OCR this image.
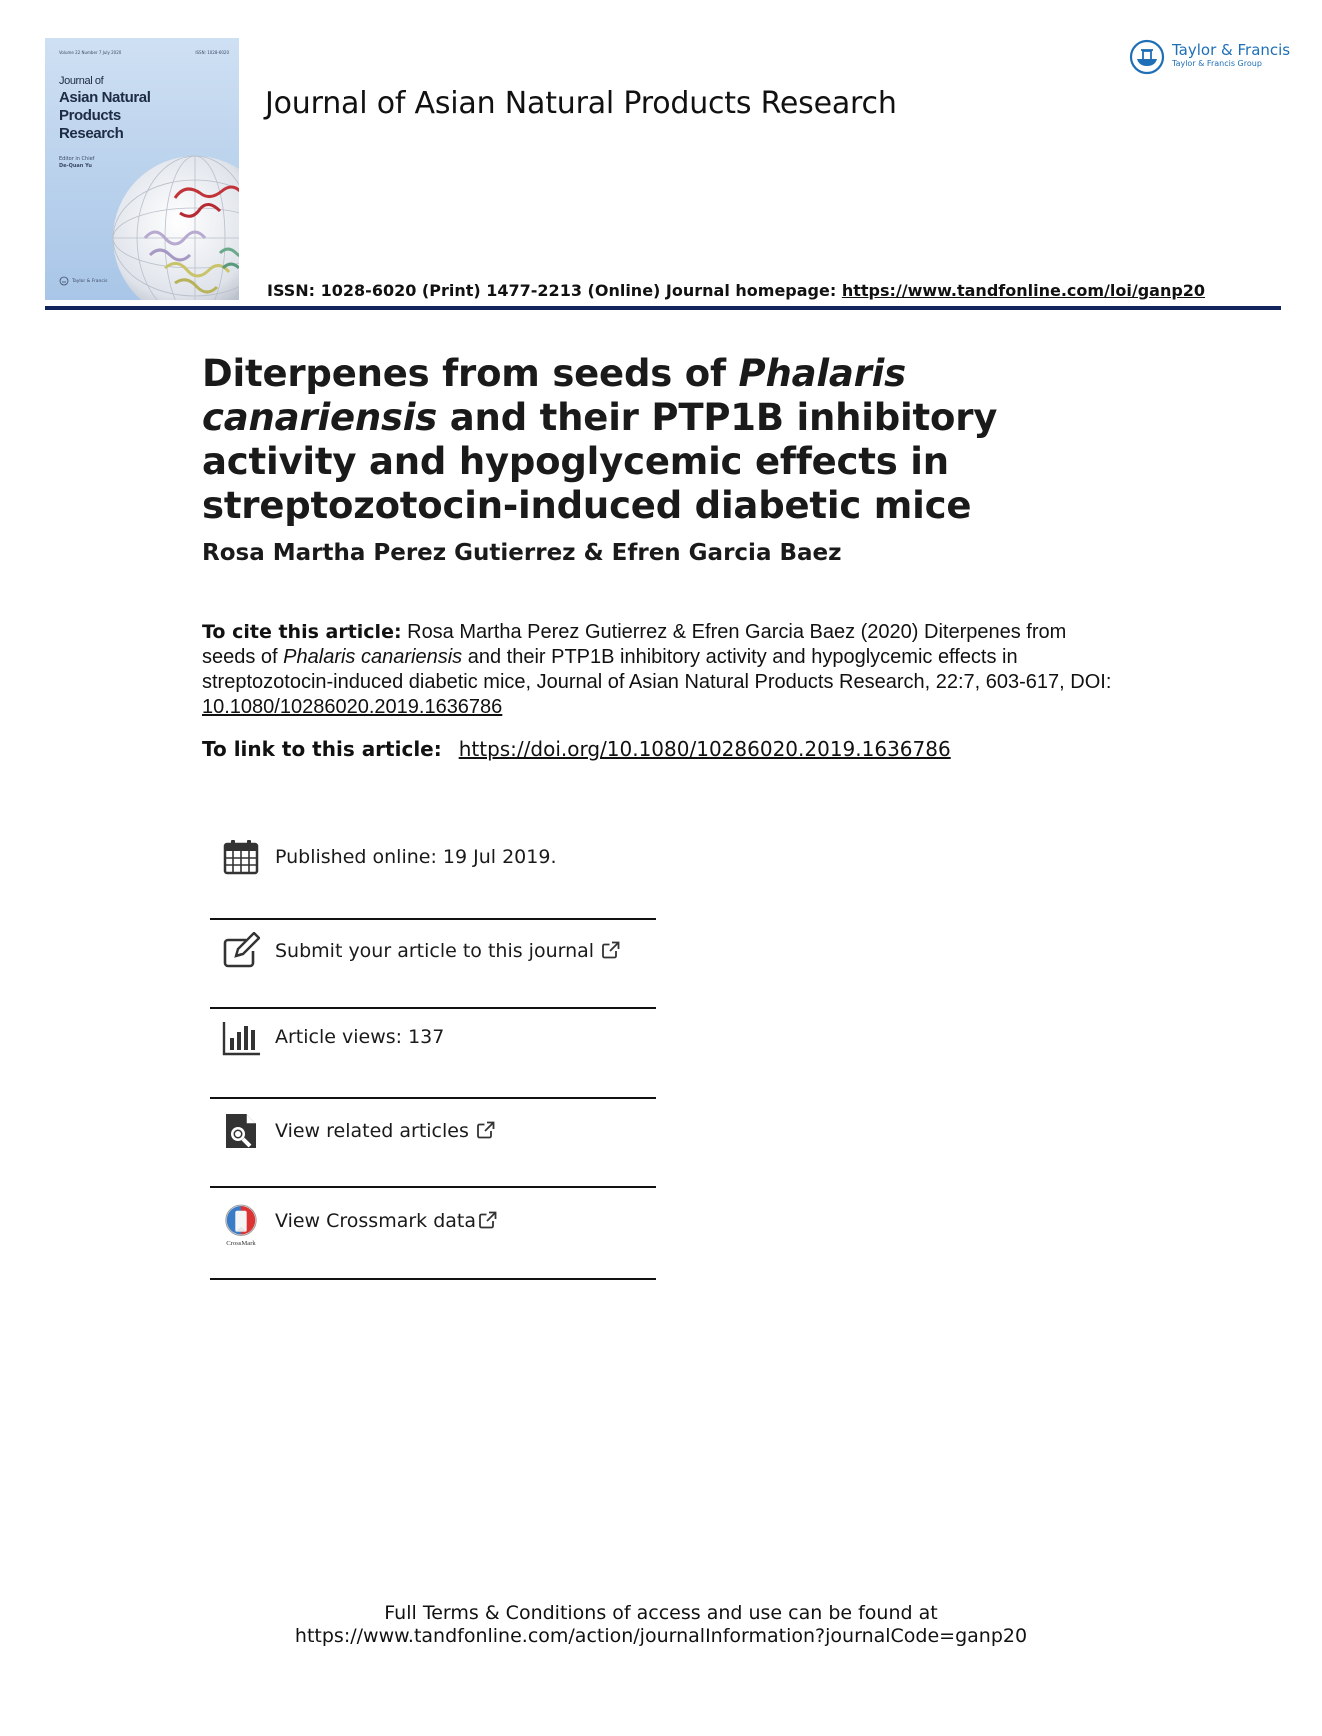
Volume 22 Number 7 July 2020	ISSN: 1028-6020
Journal of
Asian Natural
Products
Research
Editor in Chief
De-Quan Yu
Taylor & Francis
Journal of Asian Natural Products Research
Taylor & Francis
Taylor & Francis Group
ISSN: 1028-6020 (Print) 1477-2213 (Online) Journal homepage: https://www.tandfonline.com/loi/ganp20
Diterpenes from seeds of Phalaris canariensis and their PTP1B inhibitory activity and hypoglycemic effects in streptozotocin-induced diabetic mice
Rosa Martha Perez Gutierrez & Efren Garcia Baez
To cite this article: Rosa Martha Perez Gutierrez & Efren Garcia Baez (2020) Diterpenes from seeds of Phalaris canariensis and their PTP1B inhibitory activity and hypoglycemic effects in streptozotocin-induced diabetic mice, Journal of Asian Natural Products Research, 22:7, 603-617, DOI: 10.1080/10286020.2019.1636786
To link to this article: https://doi.org/10.1080/10286020.2019.1636786
Published online: 19 Jul 2019.
Submit your article to this journal
Article views: 137
View related articles
CrossMark
View Crossmark data
Full Terms & Conditions of access and use can be found at
https://www.tandfonline.com/action/journalInformation?journalCode=ganp20
